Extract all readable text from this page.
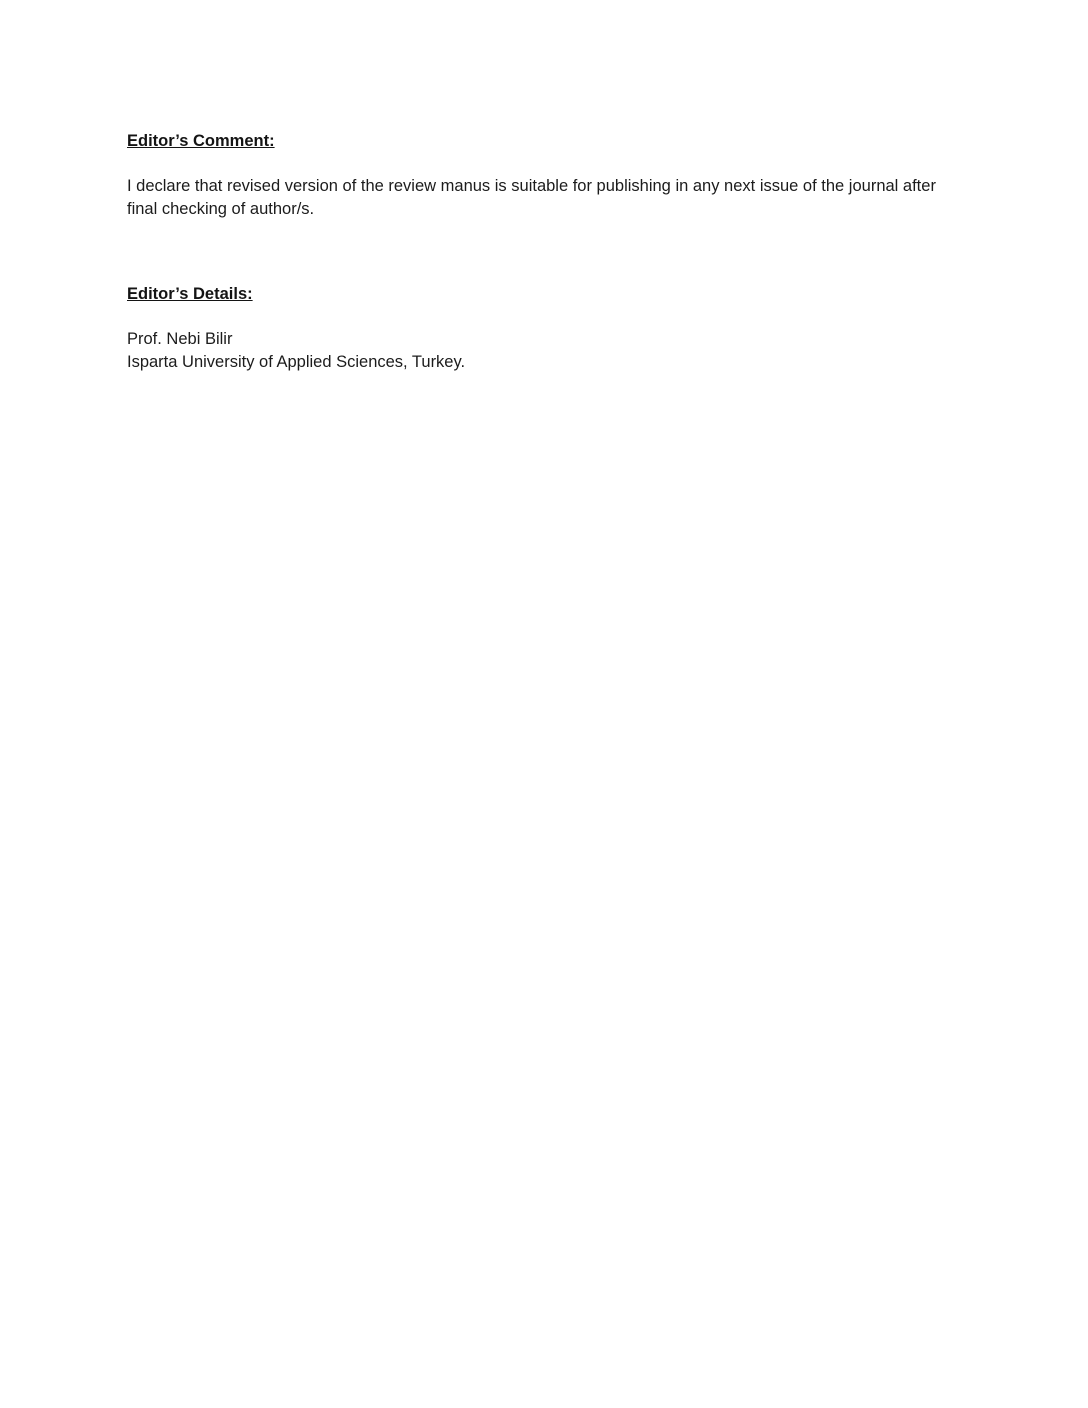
Editor’s Comment:

I declare that revised version of the review manus is suitable for publishing in any next issue of the journal after final checking of author/s.

Editor’s Details:

Prof. Nebi Bilir

Isparta University of Applied Sciences, Turkey.
